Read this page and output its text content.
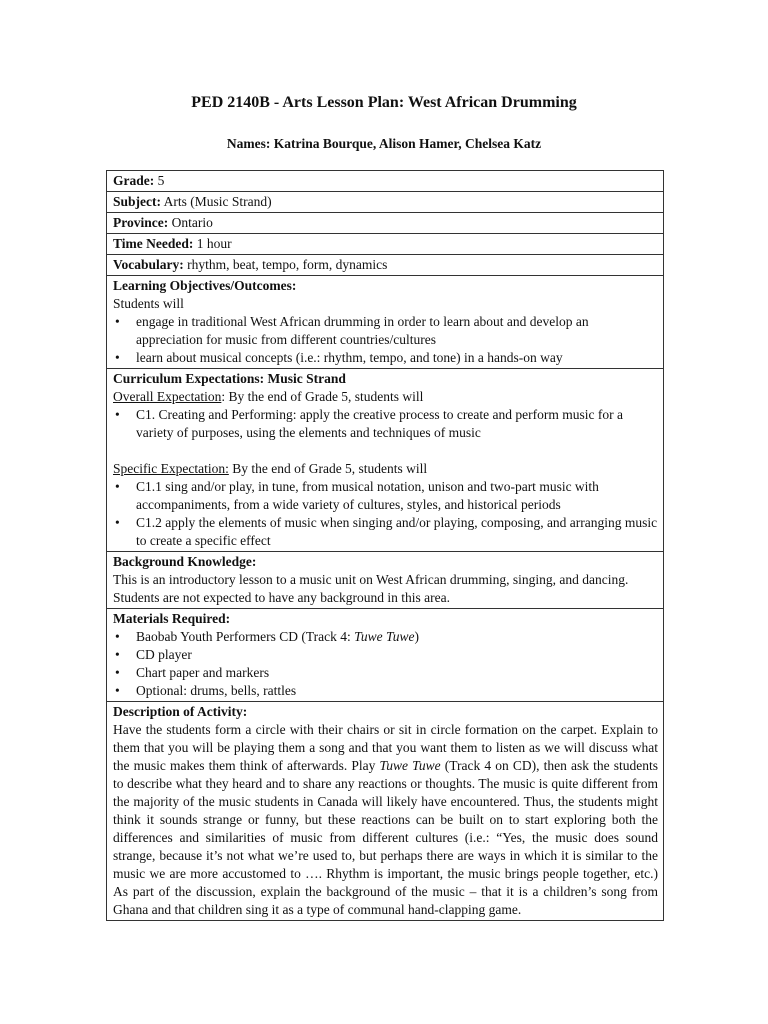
PED 2140B - Arts Lesson Plan: West African Drumming
Names: Katrina Bourque, Alison Hamer, Chelsea Katz
Grade: 5
Subject: Arts (Music Strand)
Province: Ontario
Time Needed: 1 hour
Vocabulary: rhythm, beat, tempo, form, dynamics
Learning Objectives/Outcomes:
Students will
• engage in traditional West African drumming in order to learn about and develop an appreciation for music from different countries/cultures
• learn about musical concepts (i.e.: rhythm, tempo, and tone) in a hands-on way
Curriculum Expectations: Music Strand
Overall Expectation: By the end of Grade 5, students will
• C1. Creating and Performing: apply the creative process to create and perform music for a variety of purposes, using the elements and techniques of music
Specific Expectation: By the end of Grade 5, students will
• C1.1 sing and/or play, in tune, from musical notation, unison and two-part music with accompaniments, from a wide variety of cultures, styles, and historical periods
• C1.2 apply the elements of music when singing and/or playing, composing, and arranging music to create a specific effect
Background Knowledge:
This is an introductory lesson to a music unit on West African drumming, singing, and dancing. Students are not expected to have any background in this area.
Materials Required:
• Baobab Youth Performers CD (Track 4: Tuwe Tuwe)
• CD player
• Chart paper and markers
• Optional: drums, bells, rattles
Description of Activity:
Have the students form a circle with their chairs or sit in circle formation on the carpet. Explain to them that you will be playing them a song and that you want them to listen as we will discuss what the music makes them think of afterwards. Play Tuwe Tuwe (Track 4 on CD), then ask the students to describe what they heard and to share any reactions or thoughts. The music is quite different from the majority of the music students in Canada will likely have encountered. Thus, the students might think it sounds strange or funny, but these reactions can be built on to start exploring both the differences and similarities of music from different cultures (i.e.: “Yes, the music does sound strange, because it’s not what we’re used to, but perhaps there are ways in which it is similar to the music we are more accustomed to …. Rhythm is important, the music brings people together, etc.) As part of the discussion, explain the background of the music – that it is a children’s song from Ghana and that children sing it as a type of communal hand-clapping game.
